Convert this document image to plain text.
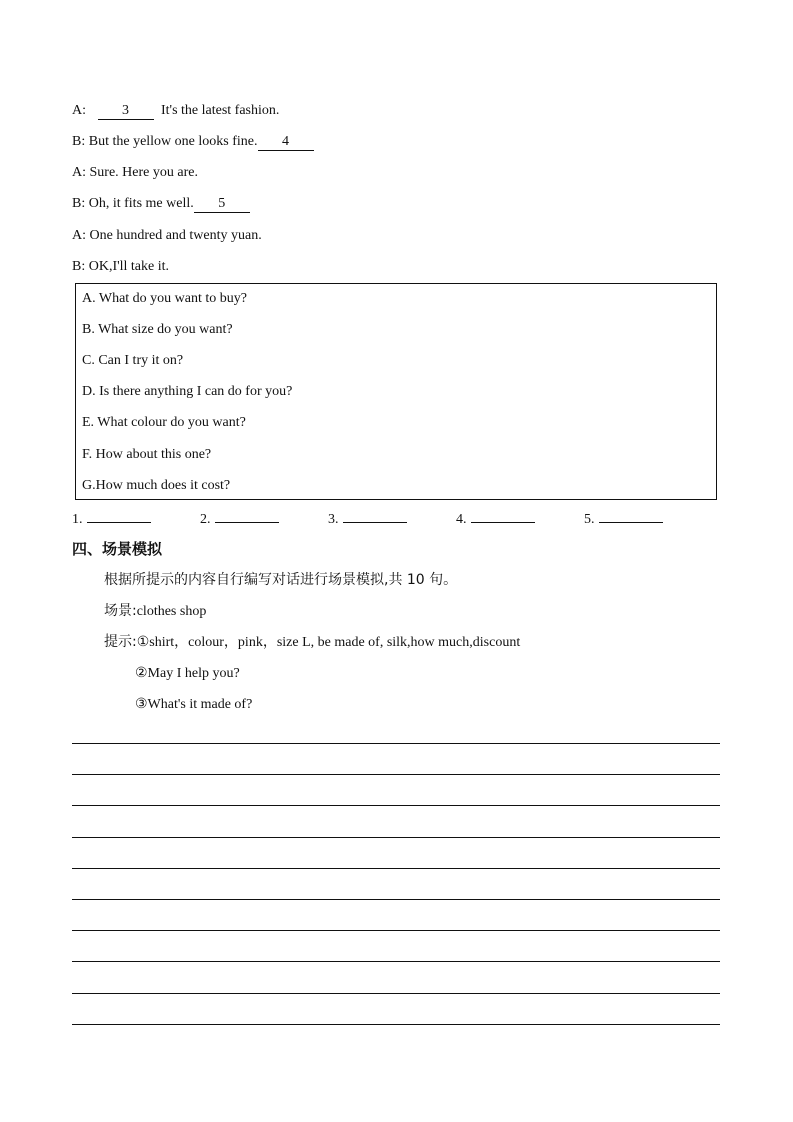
A:	3 It's the latest fashion.
B: But the yellow one looks fine. 4
A: Sure. Here you are.
B: Oh, it fits me well. 5
A: One hundred and twenty yuan.
B: OK,I'll take it.
A. What do you want to buy?
B. What size do you want?
C. Can I try it on?
D. Is there anything I can do for you?
E. What colour do you want?
F. How about this one?
G.How much does it cost?
1.	2.	3.	4.	5.
四、场景模拟
根据所提示的内容自行编写对话进行场景模拟,共 10 句。
场景:clothes shop
提示:①shirt，colour，pink，size L, be made of, silk,how much,discount
②May I help you?
③What's it made of?
